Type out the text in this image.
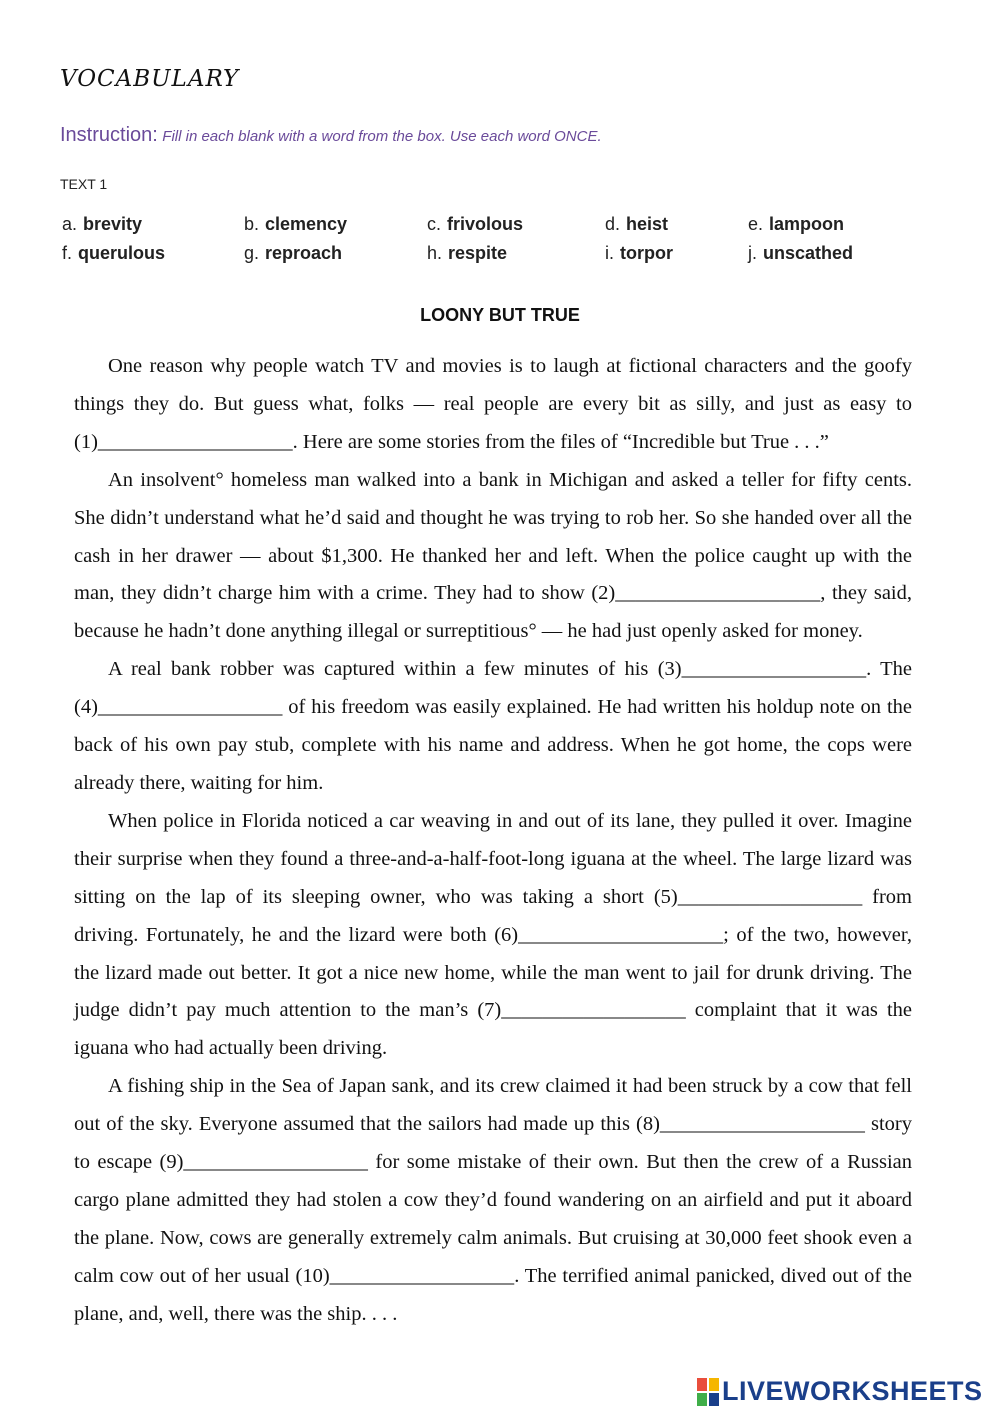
VOCABULARY
Instruction: Fill in each blank with a word from the box. Use each word ONCE.
TEXT 1
a. brevity	b. clemency	c. frivolous	d. heist	e. lampoon
f. querulous	g. reproach	h. respite	i. torpor	j. unscathed
LOONY BUT TRUE

One reason why people watch TV and movies is to laugh at fictional characters and the goofy things they do. But guess what, folks — real people are every bit as silly, and just as easy to (1)___________________. Here are some stories from the files of “Incredible but True . . .”

An insolvent° homeless man walked into a bank in Michigan and asked a teller for fifty cents. She didn’t understand what he’d said and thought he was trying to rob her. So she handed over all the cash in her drawer — about $1,300. He thanked her and left. When the police caught up with the man, they didn’t charge him with a crime. They had to show (2)____________________, they said, because he hadn’t done anything illegal or surreptitious° — he had just openly asked for money.

A real bank robber was captured within a few minutes of his (3)__________________. The (4)__________________ of his freedom was easily explained. He had written his holdup note on the back of his own pay stub, complete with his name and address. When he got home, the cops were already there, waiting for him.

When police in Florida noticed a car weaving in and out of its lane, they pulled it over. Imagine their surprise when they found a three-and-a-half-foot-long iguana at the wheel. The large lizard was sitting on the lap of its sleeping owner, who was taking a short (5)__________________ from driving. Fortunately, he and the lizard were both (6)____________________; of the two, however, the lizard made out better. It got a nice new home, while the man went to jail for drunk driving. The judge didn’t pay much attention to the man’s (7)__________________ complaint that it was the iguana who had actually been driving.

A fishing ship in the Sea of Japan sank, and its crew claimed it had been struck by a cow that fell out of the sky. Everyone assumed that the sailors had made up this (8)____________________ story to escape (9)__________________ for some mistake of their own. But then the crew of a Russian cargo plane admitted they had stolen a cow they’d found wandering on an airfield and put it aboard the plane. Now, cows are generally extremely calm animals. But cruising at 30,000 feet shook even a calm cow out of her usual (10)__________________. The terrified animal panicked, dived out of the plane, and, well, there was the ship. . . .

LIVEWORKSHEETS
